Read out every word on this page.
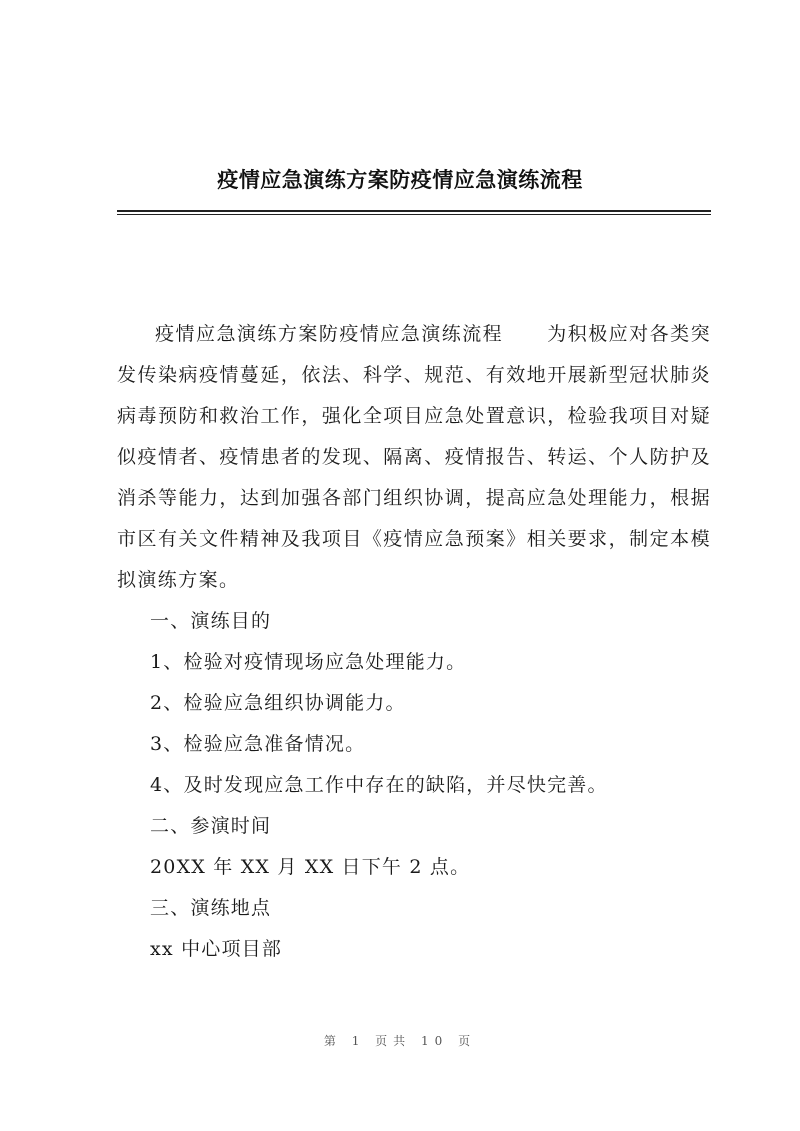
疫情应急演练方案防疫情应急演练流程

疫情应急演练方案防疫情应急演练流程 为积极应对各类突发传染病疫情蔓延，依法、科学、规范、有效地开展新型冠状肺炎病毒预防和救治工作，强化全项目应急处置意识，检验我项目对疑似疫情者、疫情患者的发现、隔离、疫情报告、转运、个人防护及消杀等能力，达到加强各部门组织协调，提高应急处理能力，根据市区有关文件精神及我项目《疫情应急预案》相关要求，制定本模拟演练方案。

一、演练目的

1、检验对疫情现场应急处理能力。

2、检验应急组织协调能力。

3、检验应急准备情况。

4、及时发现应急工作中存在的缺陷，并尽快完善。

二、参演时间

20XX 年 XX 月 XX 日下午 2 点。

三、演练地点

xx 中心项目部

第 1 页共 10 页
